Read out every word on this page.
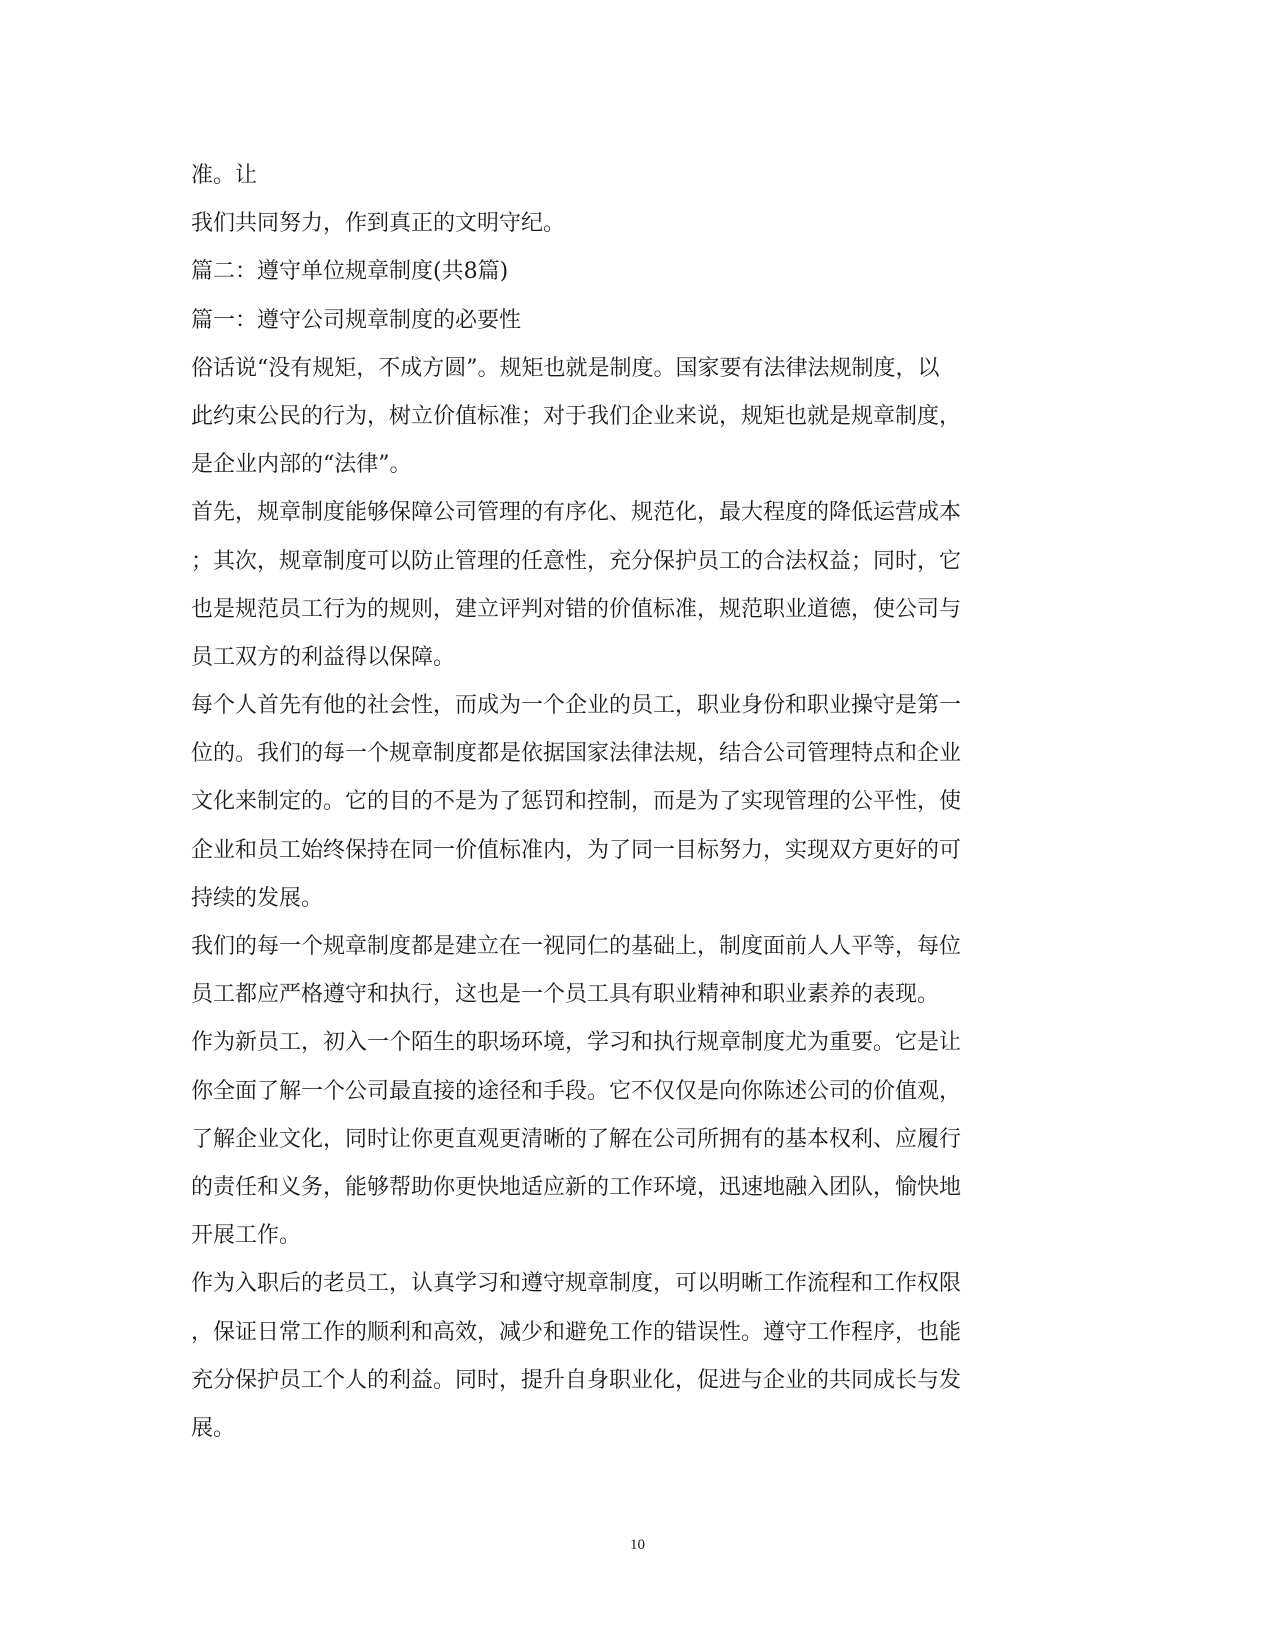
准。让
我们共同努力，作到真正的文明守纪。
篇二：遵守单位规章制度(共8篇)
篇一：遵守公司规章制度的必要性
俗话说“没有规矩，不成方圆”。规矩也就是制度。国家要有法律法规制度，以
此约束公民的行为，树立价值标准；对于我们企业来说，规矩也就是规章制度，
是企业内部的“法律”。
首先，规章制度能够保障公司管理的有序化、规范化，最大程度的降低运营成本
；其次，规章制度可以防止管理的任意性，充分保护员工的合法权益；同时，它
也是规范员工行为的规则，建立评判对错的价值标准，规范职业道德，使公司与
员工双方的利益得以保障。
每个人首先有他的社会性，而成为一个企业的员工，职业身份和职业操守是第一
位的。我们的每一个规章制度都是依据国家法律法规，结合公司管理特点和企业
文化来制定的。它的目的不是为了惩罚和控制，而是为了实现管理的公平性，使
企业和员工始终保持在同一价值标准内，为了同一目标努力，实现双方更好的可
持续的发展。
我们的每一个规章制度都是建立在一视同仁的基础上，制度面前人人平等，每位
员工都应严格遵守和执行，这也是一个员工具有职业精神和职业素养的表现。
作为新员工，初入一个陌生的职场环境，学习和执行规章制度尤为重要。它是让
你全面了解一个公司最直接的途径和手段。它不仅仅是向你陈述公司的价值观，
了解企业文化，同时让你更直观更清晰的了解在公司所拥有的基本权利、应履行
的责任和义务，能够帮助你更快地适应新的工作环境，迅速地融入团队，愉快地
开展工作。
作为入职后的老员工，认真学习和遵守规章制度，可以明晰工作流程和工作权限
，保证日常工作的顺利和高效，减少和避免工作的错误性。遵守工作程序，也能
充分保护员工个人的利益。同时，提升自身职业化，促进与企业的共同成长与发
展。
10
